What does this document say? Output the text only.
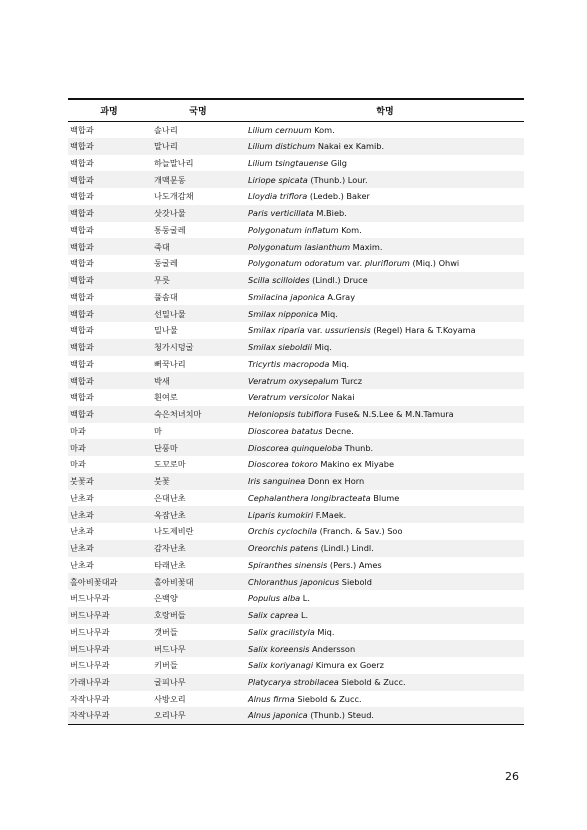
과명	국명	학명
백합과	솔나리	Lilium cernuum Kom.
백합과	말나리	Lilium distichum Nakai ex Kamib.
백합과	하늘말나리	Lilium tsingtauense Gilg
백합과	개맥문동	Liriope spicata (Thunb.) Lour.
백합과	나도개감채	Lloydia triflora (Ledeb.) Baker
백합과	삿갓나물	Paris verticillata M.Bieb.
백합과	통둥굴레	Polygonatum inflatum Kom.
백합과	죽대	Polygonatum lasianthum Maxim.
백합과	둥굴레	Polygonatum odoratum var. pluriflorum (Miq.) Ohwi
백합과	무릇	Scilla scilloides (Lindl.) Druce
백합과	풀솜대	Smilacina japonica A.Gray
백합과	선밀나물	Smilax nipponica Miq.
백합과	밀나물	Smilax riparia var. ussuriensis (Regel) Hara & T.Koyama
백합과	청가시덩굴	Smilax sieboldii Miq.
백합과	뻐꾹나리	Tricyrtis macropoda Miq.
백합과	박새	Veratrum oxysepalum Turcz
백합과	흰여로	Veratrum versicolor Nakai
백합과	숙은처녀치마	Heloniopsis tubiflora Fuse& N.S.Lee & M.N.Tamura
마과	마	Dioscorea batatus Decne.
마과	단풍마	Dioscorea quinqueloba Thunb.
마과	도꼬로마	Dioscorea tokoro Makino ex Miyabe
붓꽃과	붓꽃	Iris sanguinea Donn ex Horn
난초과	은대난초	Cephalanthera longibracteata Blume
난초과	옥잠난초	Liparis kumokiri F.Maek.
난초과	나도제비란	Orchis cyclochila (Franch. & Sav.) Soo
난초과	감자난초	Oreorchis patens (Lindl.) Lindl.
난초과	타래난초	Spiranthes sinensis (Pers.) Ames
홀아비꽃대과	홀아비꽃대	Chloranthus japonicus Siebold
버드나무과	은백양	Populus alba L.
버드나무과	호랑버들	Salix caprea L.
버드나무과	갯버들	Salix gracilistyla Miq.
버드나무과	버드나무	Salix koreensis Andersson
버드나무과	키버들	Salix koriyanagi Kimura ex Goerz
가래나무과	굴피나무	Platycarya strobilacea Siebold & Zucc.
자작나무과	사방오리	Alnus firma Siebold & Zucc.
자작나무과	오리나무	Alnus japonica (Thunb.) Steud.
26
